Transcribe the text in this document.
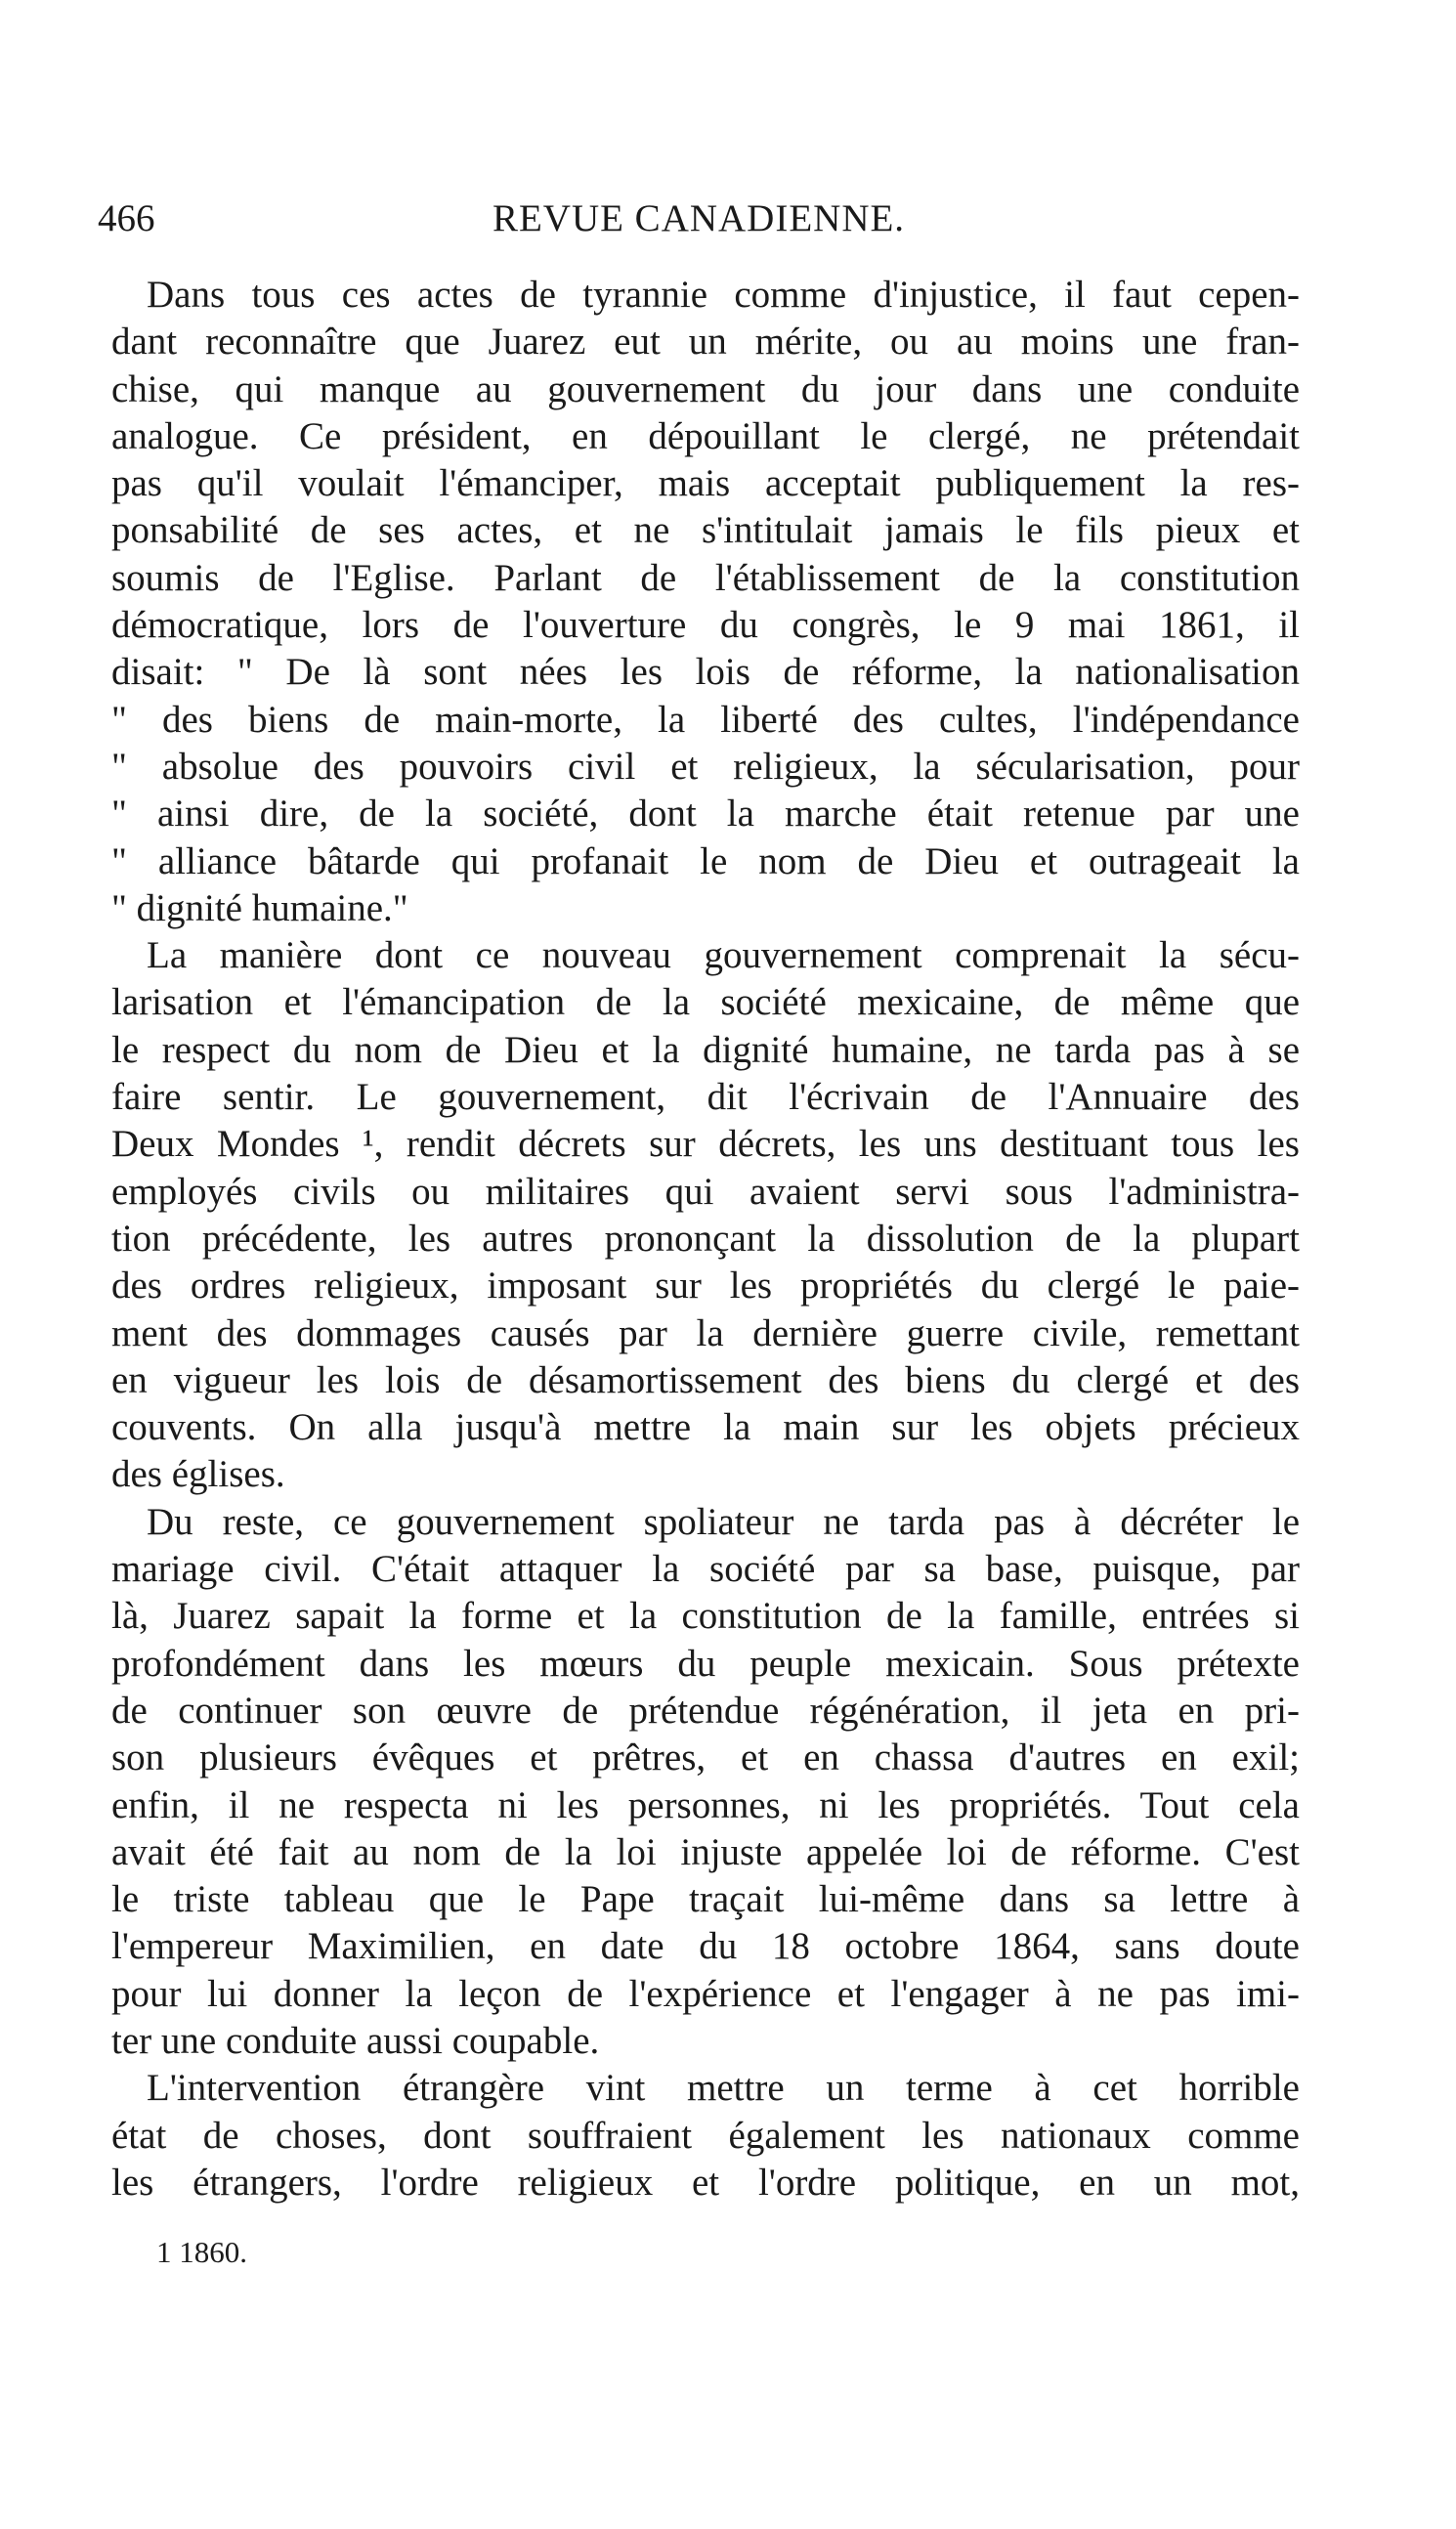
466	REVUE CANADIENNE.
Dans tous ces actes de tyrannie comme d'injustice, il faut cepen-
dant reconnaître que Juarez eut un mérite, ou au moins une fran-
chise, qui manque au gouvernement du jour dans une conduite
analogue. Ce président, en dépouillant le clergé, ne prétendait
pas qu'il voulait l'émanciper, mais acceptait publiquement la res-
ponsabilité de ses actes, et ne s'intitulait jamais le fils pieux et
soumis de l'Eglise. Parlant de l'établissement de la constitution
démocratique, lors de l'ouverture du congrès, le 9 mai 1861, il
disait: " De là sont nées les lois de réforme, la nationalisation
" des biens de main-morte, la liberté des cultes, l'indépendance
" absolue des pouvoirs civil et religieux, la sécularisation, pour
" ainsi dire, de la société, dont la marche était retenue par une
" alliance bâtarde qui profanait le nom de Dieu et outrageait la
" dignité humaine."
La manière dont ce nouveau gouvernement comprenait la sécu-
larisation et l'émancipation de la société mexicaine, de même que
le respect du nom de Dieu et la dignité humaine, ne tarda pas à se
faire sentir. Le gouvernement, dit l'écrivain de l'Annuaire des
Deux Mondes ¹, rendit décrets sur décrets, les uns destituant tous les
employés civils ou militaires qui avaient servi sous l'administra-
tion précédente, les autres prononçant la dissolution de la plupart
des ordres religieux, imposant sur les propriétés du clergé le paie-
ment des dommages causés par la dernière guerre civile, remettant
en vigueur les lois de désamortissement des biens du clergé et des
couvents. On alla jusqu'à mettre la main sur les objets précieux
des églises.
Du reste, ce gouvernement spoliateur ne tarda pas à décréter le
mariage civil. C'était attaquer la société par sa base, puisque, par
là, Juarez sapait la forme et la constitution de la famille, entrées si
profondément dans les mœurs du peuple mexicain. Sous prétexte
de continuer son œuvre de prétendue régénération, il jeta en pri-
son plusieurs évêques et prêtres, et en chassa d'autres en exil;
enfin, il ne respecta ni les personnes, ni les propriétés. Tout cela
avait été fait au nom de la loi injuste appelée loi de réforme. C'est
le triste tableau que le Pape traçait lui-même dans sa lettre à
l'empereur Maximilien, en date du 18 octobre 1864, sans doute
pour lui donner la leçon de l'expérience et l'engager à ne pas imi-
ter une conduite aussi coupable.
L'intervention étrangère vint mettre un terme à cet horrible
état de choses, dont souffraient également les nationaux comme
les étrangers, l'ordre religieux et l'ordre politique, en un mot,
1 1860.
